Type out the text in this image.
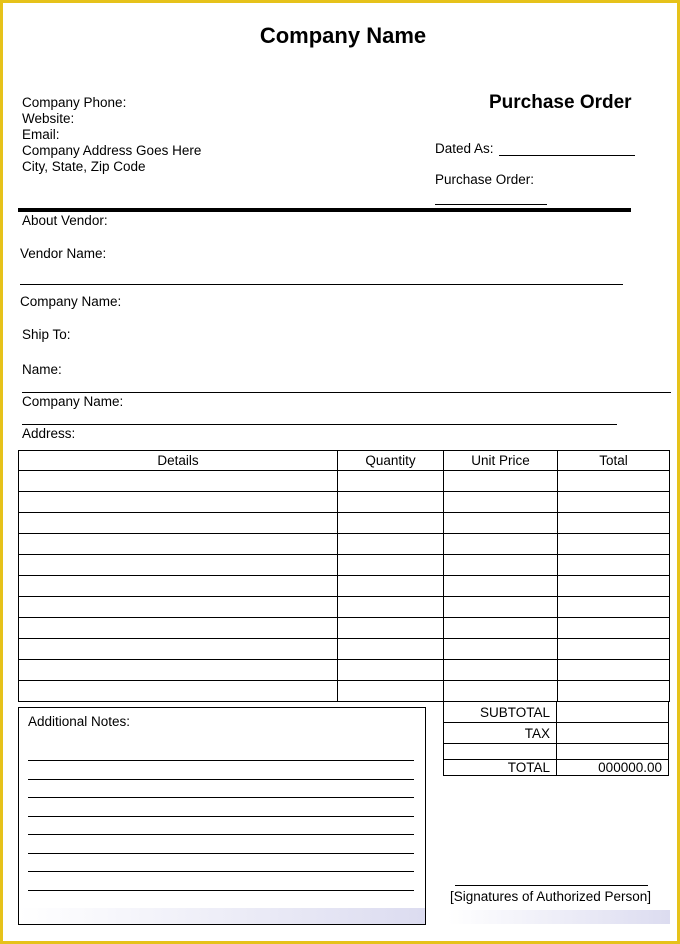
Company Name
Purchase Order
Company Phone:
Website:
Email:
Company Address Goes Here
City, State, Zip Code
Dated As:
Purchase Order:
About Vendor:
Vendor Name:
Company Name:
Ship To:
Name:
Company Name:
Address:
Details	Quantity	Unit Price	Total

SUBTOTAL	
TAX	

TOTAL	000000.00
Additional Notes:
[Signatures of Authorized Person]
